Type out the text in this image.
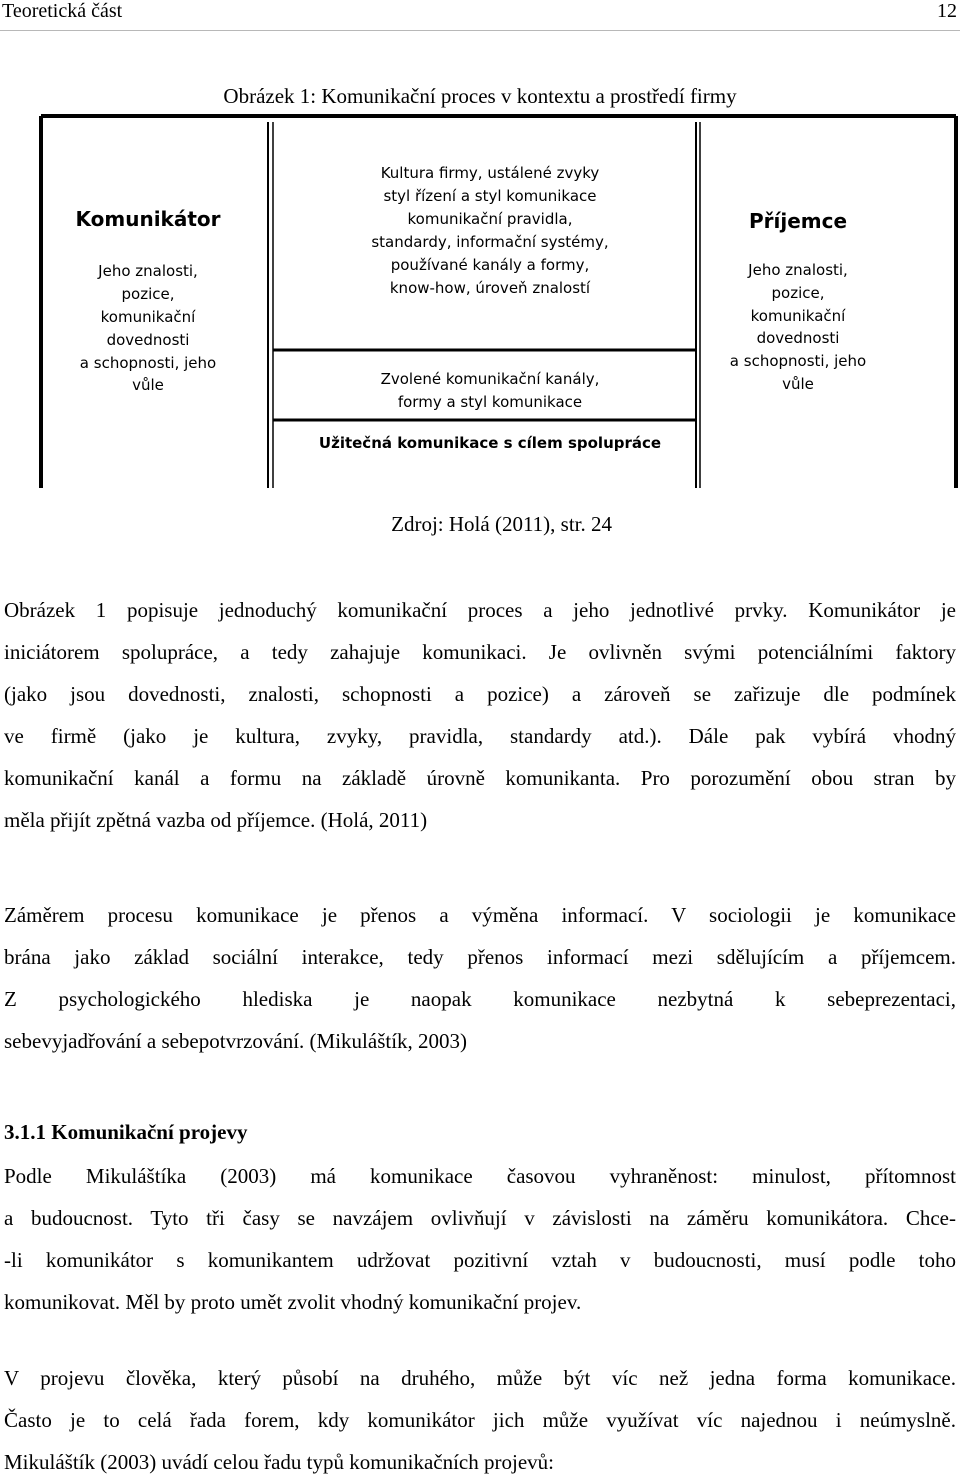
Teoretická část	12
Obrázek 1: Komunikační proces v kontextu a prostředí firmy
Komunikátor
Jeho znalosti,
pozice,
komunikační
dovednosti
a schopnosti, jeho
vůle
Kultura firmy, ustálené zvyky
styl řízení a styl komunikace
komunikační pravidla,
standardy, informační systémy,
používané kanály a formy,
know-how, úroveň znalostí
Zvolené komunikační kanály,
formy a styl komunikace
Užitečná komunikace s cílem spolupráce
Příjemce
Jeho znalosti,
pozice,
komunikační
dovednosti
a schopnosti, jeho
vůle
Zdroj: Holá (2011), str. 24
Obrázek 1 popisuje jednoduchý komunikační proces a jeho jednotlivé prvky. Komunikátor je
iniciátorem spolupráce, a tedy zahajuje komunikaci. Je ovlivněn svými potenciálními faktory
(jako jsou dovednosti, znalosti, schopnosti a pozice) a zároveň se zařizuje dle podmínek
ve firmě (jako je kultura, zvyky, pravidla, standardy atd.). Dále pak vybírá vhodný
komunikační kanál a formu na základě úrovně komunikanta. Pro porozumění obou stran by
měla přijít zpětná vazba od příjemce. (Holá, 2011)
Záměrem procesu komunikace je přenos a výměna informací. V sociologii je komunikace
brána jako základ sociální interakce, tedy přenos informací mezi sdělujícím a příjemcem.
Z psychologického hlediska je naopak komunikace nezbytná k sebeprezentaci,
sebevyjadřování a sebepotvrzování. (Mikuláštík, 2003)
3.1.1 Komunikační projevy
Podle Mikuláštíka (2003) má komunikace časovou vyhraněnost: minulost, přítomnost
a budoucnost. Tyto tři časy se navzájem ovlivňují v závislosti na záměru komunikátora. Chce-
-li komunikátor s komunikantem udržovat pozitivní vztah v budoucnosti, musí podle toho
komunikovat. Měl by proto umět zvolit vhodný komunikační projev.
V projevu člověka, který působí na druhého, může být víc než jedna forma komunikace.
Často je to celá řada forem, kdy komunikátor jich může využívat víc najednou i neúmyslně.
Mikuláštík (2003) uvádí celou řadu typů komunikačních projevů:
